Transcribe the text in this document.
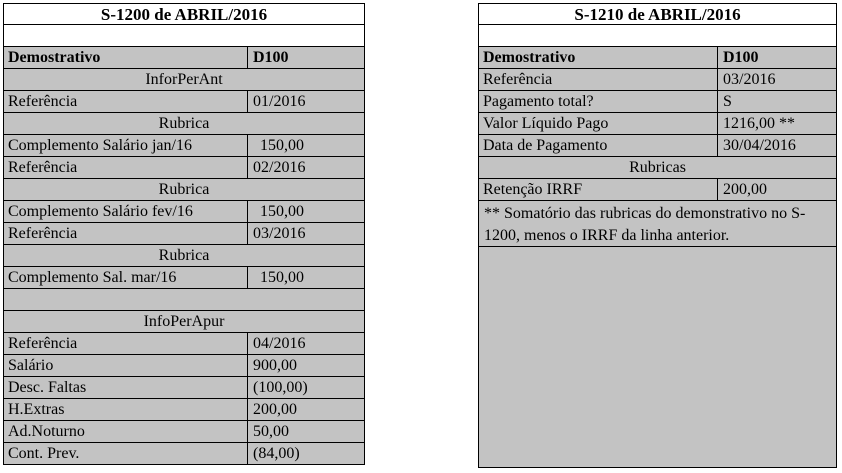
S-1200 de ABRIL/2016
Demostrativo	D100
InforPerAnt
Referência	01/2016
Rubrica
Complemento Salário jan/16	150,00
Referência	02/2016
Rubrica
Complemento Salário fev/16	150,00
Referência	03/2016
Rubrica
Complemento Sal. mar/16	150,00
InfoPerApur
Referência	04/2016
Salário	900,00
Desc. Faltas	(100,00)
H.Extras	200,00
Ad.Noturno	50,00
Cont. Prev.	(84,00)
S-1210 de ABRIL/2016
Demostrativo	D100
Referência	03/2016
Pagamento total?	S
Valor Líquido Pago	1216,00 **
Data de Pagamento	30/04/2016
Rubricas
Retenção IRRF	200,00
** Somatório das rubricas do demonstrativo no S-1200, menos o IRRF da linha anterior.
